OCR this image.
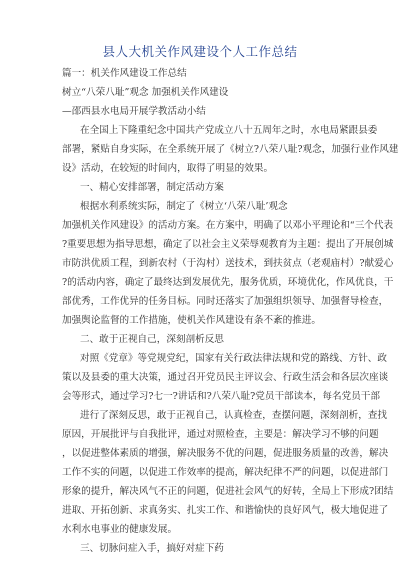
县人大机关作风建设个人工作总结
篇一：机关作风建设工作总结
树立“八荣八耻”观念 加强机关作风建设
—邵西县水电局开展学教活动小结
在全国上下隆重纪念中国共产党成立八十五周年之时，水电局紧跟县委
部署，紧贴自身实际，在全系统开展了《树立?八荣八耻?观念，加强行业作风建
设》活动，在较短的时间内，取得了明显的效果。
一、精心安排部署，制定活动方案
根据水利系统实际，制定了《树立‘八荣八耻’观念
加强机关作风建设》的活动方案。在方案中，明确了以邓小平理论和“三个代表
?重要思想为指导思想，确定了以社会主义荣辱观教育为主题：提出了开展创城
市防洪优质工程，到新农村（于沟村）送技术，到扶贫点（老观庙村）?献爱心
?的活动内容，确定了最终达到发展优先，服务优质，环境优化，作风优良，干
部优秀，工作优异的任务目标。同时还落实了加强组织领导、加强督导检查，
加强舆论监督的工作措施，使机关作风建设有条不紊的推进。
二、敢于正视自己，深刻剖析反思
对照《党章》等党规党纪，国家有关行政法律法规和党的路线、方针、政
策以及县委的重大决策，通过召开党员民主评议会、行政生活会和各层次座谈
会等形式，通过学习?七一?讲话和?八荣八耻?党员干部读本，每名党员干部
进行了深刻反思，敢于正视自己，认真检查，查摆问题，深刻剖析，查找
原因，开展批评与自我批评，通过对照检查，主要是：解决学习不够的问题
，以促进整体素质的增强，解决服务不优的问题，促进服务质量的改善，解决
工作不实的问题，以促进工作效率的提高，解决纪律不严的问题，以促进部门
形象的提升，解决风气不正的问题，促进社会风气的好转，全局上下形成?团结
进取、开拓创新、求真务实、扎实工作、和谐愉快的良好风气，极大地促进了
水利水电事业的健康发展。
三、切脉问症入手，搞好对症下药
